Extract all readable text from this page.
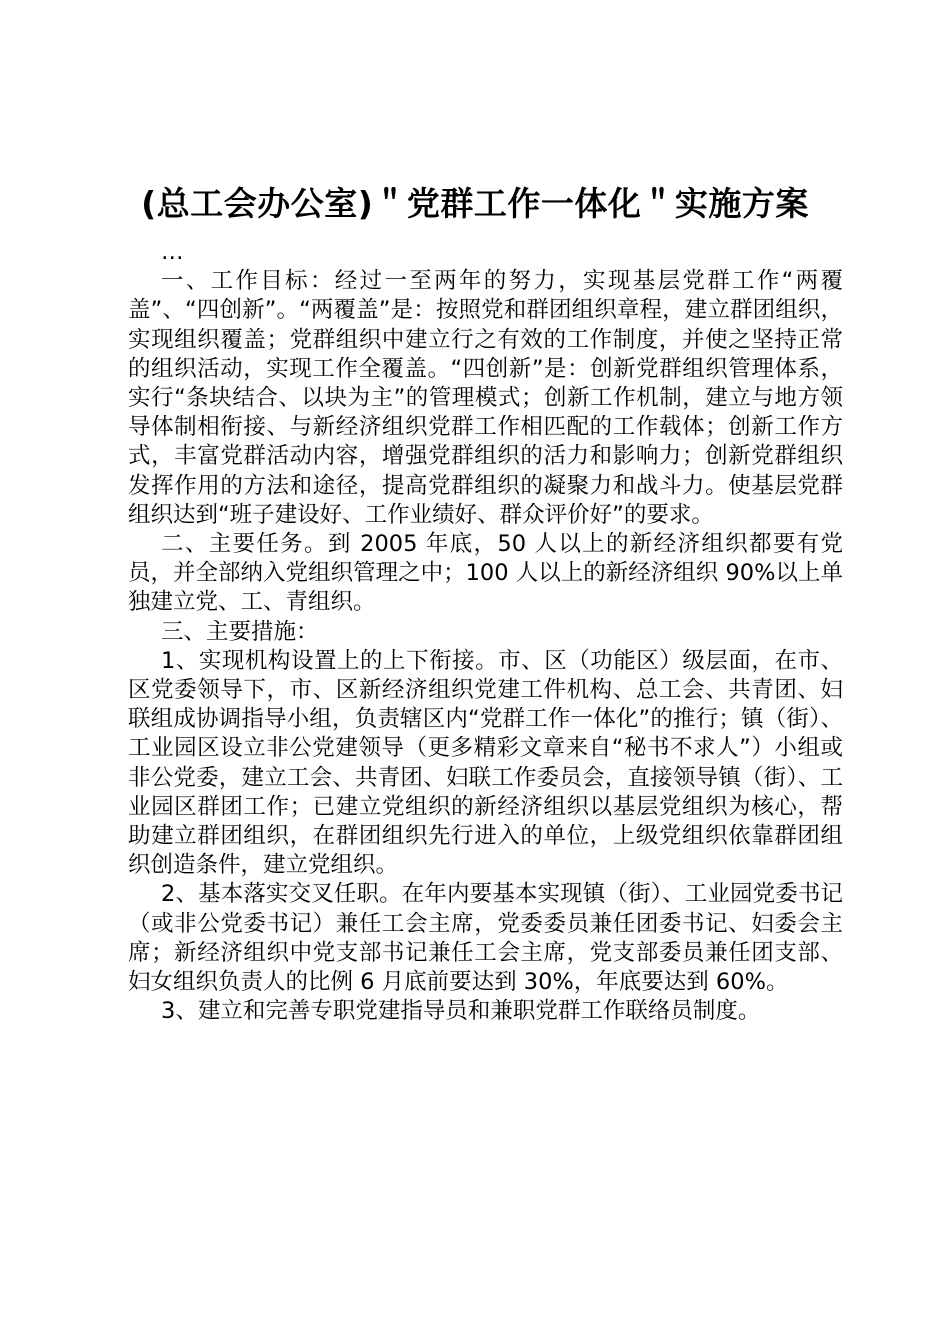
(总工会办公室)＂党群工作一体化＂实施方案

…

一、工作目标：经过一至两年的努力，实现基层党群工作“两覆盖”、“四创新”。“两覆盖”是：按照党和群团组织章程，建立群团组织，实现组织覆盖；党群组织中建立行之有效的工作制度，并使之坚持正常的组织活动，实现工作全覆盖。“四创新”是：创新党群组织管理体系，实行“条块结合、以块为主”的管理模式；创新工作机制，建立与地方领导体制相衔接、与新经济组织党群工作相匹配的工作载体；创新工作方式，丰富党群活动内容，增强党群组织的活力和影响力；创新党群组织发挥作用的方法和途径，提高党群组织的凝聚力和战斗力。使基层党群组织达到“班子建设好、工作业绩好、群众评价好”的要求。

二、主要任务。到 2005 年底，50 人以上的新经济组织都要有党员，并全部纳入党组织管理之中；100 人以上的新经济组织 90%以上单独建立党、工、青组织。

三、主要措施：

1、实现机构设置上的上下衔接。市、区（功能区）级层面，在市、区党委领导下，市、区新经济组织党建工件机构、总工会、共青团、妇联组成协调指导小组，负责辖区内“党群工作一体化”的推行；镇（街）、工业园区设立非公党建领导（更多精彩文章来自“秘书不求人”）小组或非公党委，建立工会、共青团、妇联工作委员会，直接领导镇（街）、工业园区群团工作；已建立党组织的新经济组织以基层党组织为核心，帮助建立群团组织，在群团组织先行进入的单位，上级党组织依靠群团组织创造条件，建立党组织。

2、基本落实交叉任职。在年内要基本实现镇（街）、工业园党委书记（或非公党委书记）兼任工会主席，党委委员兼任团委书记、妇委会主席；新经济组织中党支部书记兼任工会主席，党支部委员兼任团支部、妇女组织负责人的比例 6 月底前要达到 30%，年底要达到 60%。

3、建立和完善专职党建指导员和兼职党群工作联络员制度。
